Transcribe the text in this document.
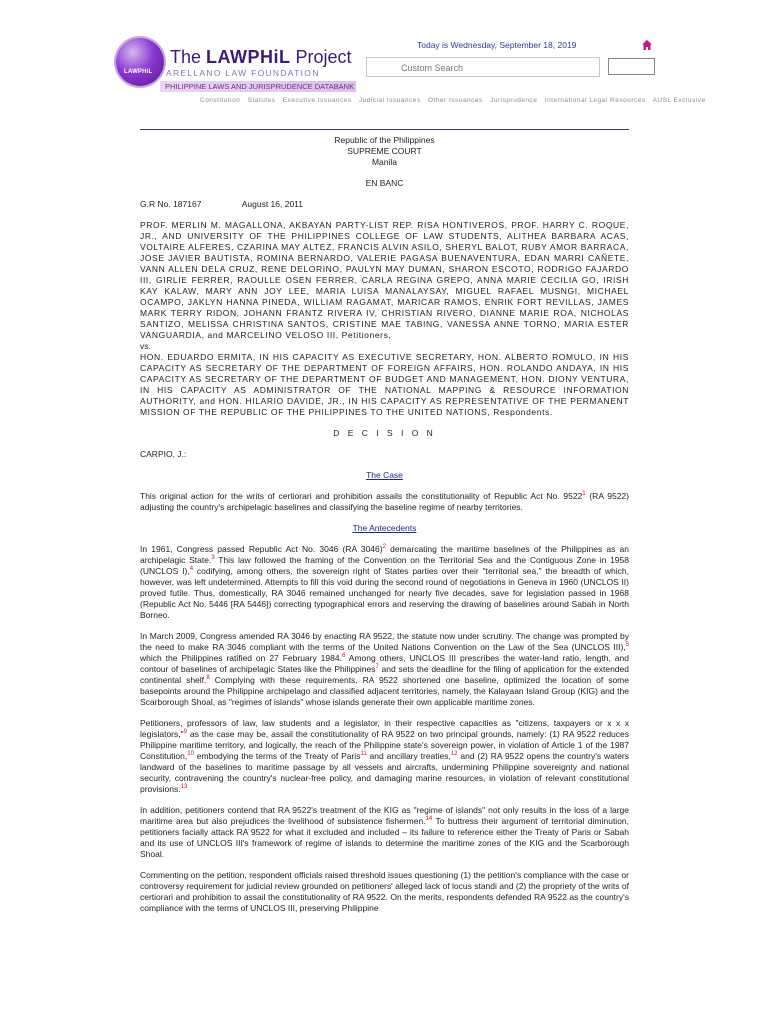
LAWPHiL
The LAWPHiL Project
ARELLANO LAW FOUNDATION
PHILIPPINE LAWS AND JURISPRUDENCE DATABANK
Today is Wednesday, September 18, 2019
Custom Search
Constitution Statutes Executive Issuances Judicial Issuances Other Issuances Jurisprudence International Legal Resources AUSL Exclusive
Republic of the Philippines
SUPREME COURT
Manila
EN BANC
G.R No. 187167	August 16, 2011

PROF. MERLIN M. MAGALLONA, AKBAYAN PARTY-LIST REP. RISA HONTIVEROS, PROF. HARRY C. ROQUE, JR., AND UNIVERSITY OF THE PHILIPPINES COLLEGE OF LAW STUDENTS, ALITHEA BARBARA ACAS, VOLTAIRE ALFERES, CZARINA MAY ALTEZ, FRANCIS ALVIN ASILO, SHERYL BALOT, RUBY AMOR BARRACA, JOSE JAVIER BAUTISTA, ROMINA BERNARDO, VALERIE PAGASA BUENAVENTURA, EDAN MARRI CAÑETE, VANN ALLEN DELA CRUZ, RENE DELORINO, PAULYN MAY DUMAN, SHARON ESCOTO, RODRIGO FAJARDO III, GIRLIE FERRER, RAOULLE OSEN FERRER, CARLA REGINA GREPO, ANNA MARIE CECILIA GO, IRISH KAY KALAW, MARY ANN JOY LEE, MARIA LUISA MANALAYSAY, MIGUEL RAFAEL MUSNGI, MICHAEL OCAMPO, JAKLYN HANNA PINEDA, WILLIAM RAGAMAT, MARICAR RAMOS, ENRIK FORT REVILLAS, JAMES MARK TERRY RIDON, JOHANN FRANTZ RIVERA IV, CHRISTIAN RIVERO, DIANNE MARIE ROA, NICHOLAS SANTIZO, MELISSA CHRISTINA SANTOS, CRISTINE MAE TABING, VANESSA ANNE TORNO, MARIA ESTER VANGUARDIA, and MARCELINO VELOSO III, Petitioners,

vs.

HON. EDUARDO ERMITA, IN HIS CAPACITY AS EXECUTIVE SECRETARY, HON. ALBERTO ROMULO, IN HIS CAPACITY AS SECRETARY OF THE DEPARTMENT OF FOREIGN AFFAIRS, HON. ROLANDO ANDAYA, IN HIS CAPACITY AS SECRETARY OF THE DEPARTMENT OF BUDGET AND MANAGEMENT, HON. DIONY VENTURA, IN HIS CAPACITY AS ADMINISTRATOR OF THE NATIONAL MAPPING & RESOURCE INFORMATION AUTHORITY, and HON. HILARIO DAVIDE, JR., IN HIS CAPACITY AS REPRESENTATIVE OF THE PERMANENT MISSION OF THE REPUBLIC OF THE PHILIPPINES TO THE UNITED NATIONS, Respondents.

D E C I S I O N
CARPIO, J.:
The Case

This original action for the writs of certiorari and prohibition assails the constitutionality of Republic Act No. 9522$^1$ (RA 9522) adjusting the country's archipelagic baselines and classifying the baseline regime of nearby territories.

The Antecedents

In 1961, Congress passed Republic Act No. 3046 (RA 3046)$^2$ demarcating the maritime baselines of the Philippines as an archipelagic State.$^3$ This law followed the framing of the Convention on the Territorial Sea and the Contiguous Zone in 1958 (UNCLOS I),$^4$ codifying, among others, the sovereign right of States parties over their "territorial sea," the breadth of which, however, was left undetermined. Attempts to fill this void during the second round of negotiations in Geneva in 1960 (UNCLOS II) proved futile. Thus, domestically, RA 3046 remained unchanged for nearly five decades, save for legislation passed in 1968 (Republic Act No. 5446 [RA 5446]) correcting typographical errors and reserving the drawing of baselines around Sabah in North Borneo.

In March 2009, Congress amended RA 3046 by enacting RA 9522, the statute now under scrutiny. The change was prompted by the need to make RA 3046 compliant with the terms of the United Nations Convention on the Law of the Sea (UNCLOS III),$^5$ which the Philippines ratified on 27 February 1984.$^6$ Among others, UNCLOS III prescribes the water-land ratio, length, and contour of baselines of archipelagic States like the Philippines$^7$ and sets the deadline for the filing of application for the extended continental shelf.$^8$ Complying with these requirements, RA 9522 shortened one baseline, optimized the location of some basepoints around the Philippine archipelago and classified adjacent territories, namely, the Kalayaan Island Group (KIG) and the Scarborough Shoal, as "regimes of islands" whose islands generate their own applicable maritime zones.

Petitioners, professors of law, law students and a legislator, in their respective capacities as "citizens, taxpayers or x x x legislators,"$^9$ as the case may be, assail the constitutionality of RA 9522 on two principal grounds, namely: (1) RA 9522 reduces Philippine maritime territory, and logically, the reach of the Philippine state's sovereign power, in violation of Article 1 of the 1987 Constitution,$^{10}$ embodying the terms of the Treaty of Paris$^{11}$ and ancillary treaties,$^{12}$ and (2) RA 9522 opens the country's waters landward of the baselines to maritime passage by all vessels and aircrafts, undermining Philippine sovereignty and national security, contravening the country's nuclear-free policy, and damaging marine resources, in violation of relevant constitutional provisions.$^{13}$

In addition, petitioners contend that RA 9522's treatment of the KIG as "regime of islands" not only results in the loss of a large maritime area but also prejudices the livelihood of subsistence fishermen.$^{14}$ To buttress their argument of territorial diminution, petitioners facially attack RA 9522 for what it excluded and included – its failure to reference either the Treaty of Paris or Sabah and its use of UNCLOS III's framework of regime of islands to determine the maritime zones of the KIG and the Scarborough Shoal.

Commenting on the petition, respondent officials raised threshold issues questioning (1) the petition's compliance with the case or controversy requirement for judicial review grounded on petitioners' alleged lack of locus standi and (2) the propriety of the writs of certiorari and prohibition to assail the constitutionality of RA 9522. On the merits, respondents defended RA 9522 as the country's compliance with the terms of UNCLOS III, preserving Philippine
